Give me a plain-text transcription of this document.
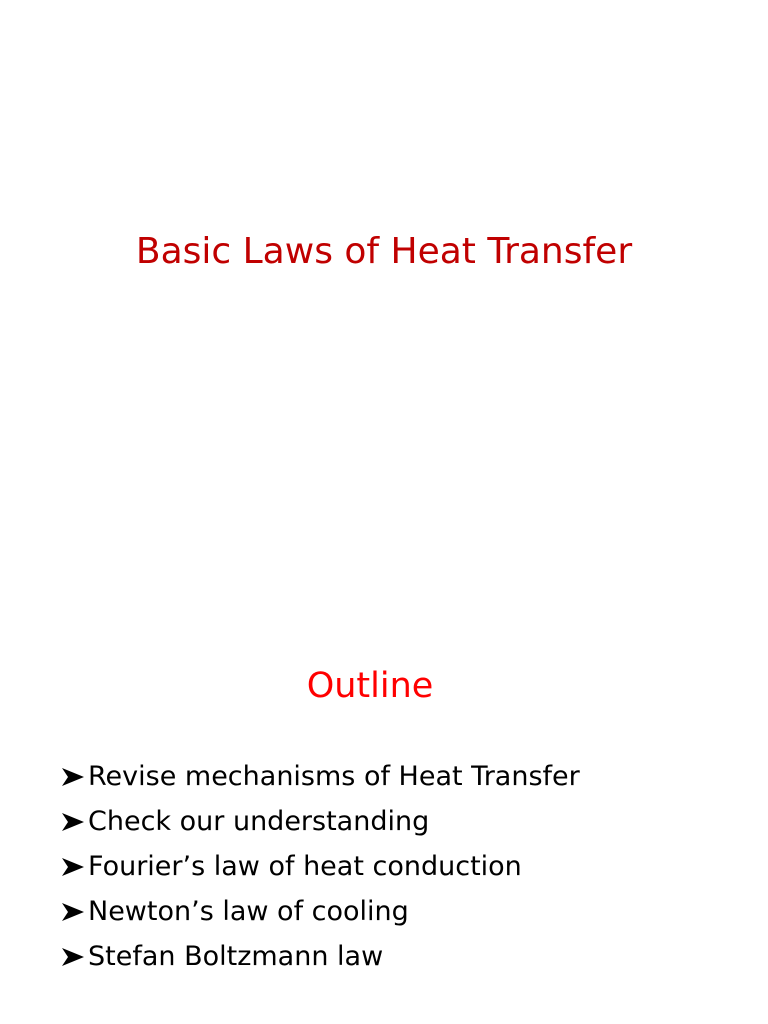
Basic Laws of Heat Transfer
Outline
Revise mechanisms of Heat Transfer
Check our understanding
Fourier’s law of heat conduction
Newton’s law of cooling
Stefan Boltzmann law
